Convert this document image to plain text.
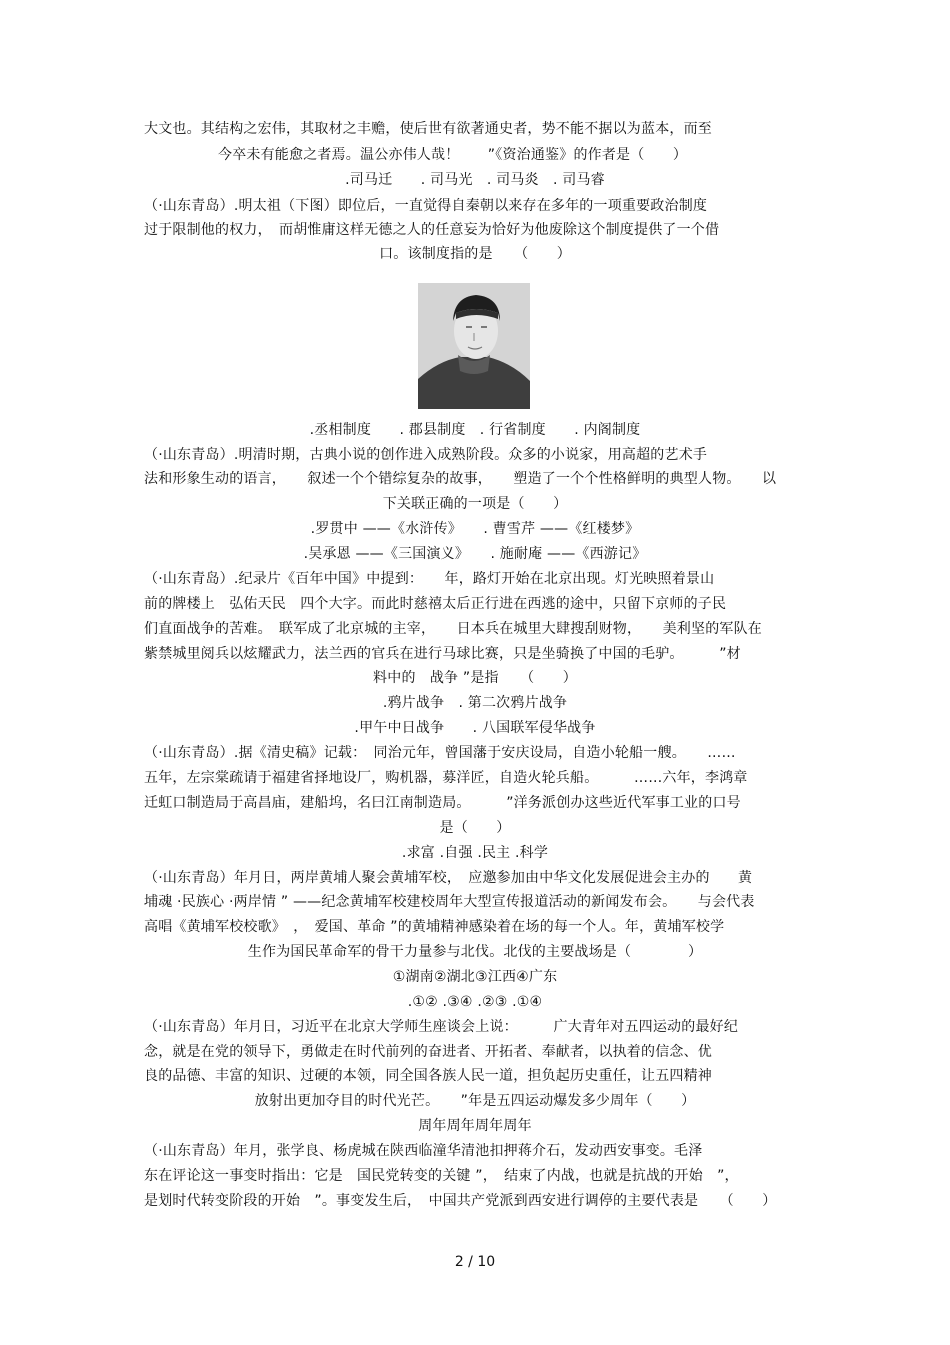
大文也。其结构之宏伟，其取材之丰赡，使后世有欲著通史者，势不能不据以为蓝本，而至
今卒未有能愈之者焉。温公亦伟人哉！　　”《资治通鉴》的作者是（　　）
.司马迁　　. 司马光　. 司马炎　. 司马睿
（·山东青岛）.明太祖（下图）即位后，一直觉得自秦朝以来存在多年的一项重要政治制度
过于限制他的权力，　而胡惟庸这样无德之人的任意妄为恰好为他废除这个制度提供了一个借
口。该制度指的是　　（　　）
.丞相制度　　. 郡县制度　. 行省制度　　. 内阁制度
（·山东青岛）.明清时期，古典小说的创作进入成熟阶段。众多的小说家，用高超的艺术手
法和形象生动的语言，　　叙述一个个错综复杂的故事，　　塑造了一个个性格鲜明的典型人物。　　以
下关联正确的一项是（　　）
.罗贯中 ——《水浒传》　　. 曹雪芹 ——《红楼梦》
.吴承恩 ——《三国演义》　　. 施耐庵 ——《西游记》
（·山东青岛）.纪录片《百年中国》中提到：　　年，路灯开始在北京出现。灯光映照着景山
前的牌楼上　弘佑天民　四个大字。而此时慈禧太后正行进在西逃的途中，只留下京师的子民
们直面战争的苦难。　联军成了北京城的主宰，　　日本兵在城里大肆搜刮财物，　　美利坚的军队在
紫禁城里阅兵以炫耀武力，法兰西的官兵在进行马球比赛，只是坐骑换了中国的毛驴。　　　”材
料中的　战争 ”是指　　（　　）
.鸦片战争　. 第二次鸦片战争
.甲午中日战争　　. 八国联军侵华战争
（·山东青岛）.据《清史稿》记载：　同治元年，曾国藩于安庆设局，自造小轮船一艘。　　……
五年，左宗棠疏请于福建省择地设厂，购机器，募洋匠，自造火轮兵船。　　　……六年，李鸿章
迁虹口制造局于高昌庙，建船坞，名曰江南制造局。　　　”洋务派创办这些近代军事工业的口号
是（　　）
.求富 .自强 .民主 .科学
（·山东青岛）年月日，两岸黄埔人聚会黄埔军校，　应邀参加由中华文化发展促进会主办的　　黄
埔魂 ·民族心 ·两岸情 ” ——纪念黄埔军校建校周年大型宣传报道活动的新闻发布会。　　与会代表
高唱《黄埔军校校歌》　，　爱国、革命 ”的黄埔精神感染着在场的每一个人。年，黄埔军校学
生作为国民革命军的骨干力量参与北伐。北伐的主要战场是（　　　　）
①湖南②湖北③江西④广东
.①② .③④ .②③ .①④
（·山东青岛）年月日，习近平在北京大学师生座谈会上说：　　　广大青年对五四运动的最好纪
念，就是在党的领导下，勇做走在时代前列的奋进者、开拓者、奉献者，以执着的信念、优
良的品德、丰富的知识、过硬的本领，同全国各族人民一道，担负起历史重任，让五四精神
放射出更加夺目的时代光芒。　　”年是五四运动爆发多少周年（　　）
周年周年周年周年
（·山东青岛）年月，张学良、杨虎城在陕西临潼华清池扣押蒋介石，发动西安事变。毛泽
东在评论这一事变时指出：它是　国民党转变的关键 ”，　结束了内战，也就是抗战的开始　”，
是划时代转变阶段的开始　”。事变发生后，　中国共产党派到西安进行调停的主要代表是　　（　　）
2 / 10
